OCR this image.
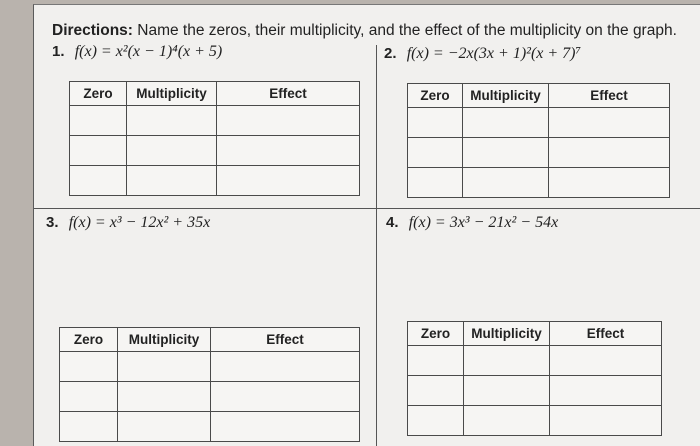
Directions: Name the zeros, their multiplicity, and the effect of the multiplicity on the graph.
1. f(x) = x²(x − 1)⁴(x + 5)
Zero	Multiplicity	Effect

2. f(x) = −2x(3x + 1)²(x + 7)⁷
Zero	Multiplicity	Effect

3. f(x) = x³ − 12x² + 35x
Zero	Multiplicity	Effect

4. f(x) = 3x³ − 21x² − 54x
Zero	Multiplicity	Effect
